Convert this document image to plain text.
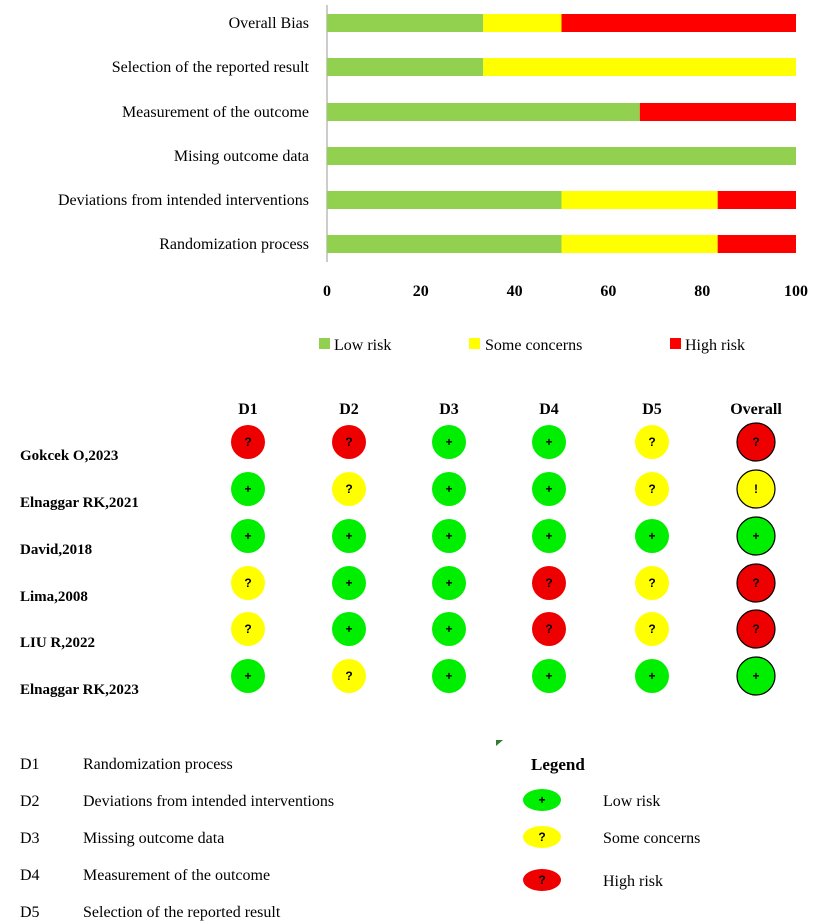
Overall Bias
Selection of the reported result
Measurement of the outcome
Mising outcome data
Deviations from intended interventions
Randomization process
0	20	40	60	80	100
Low risk	Some concerns	High risk
D1	D2	D3	D4	D5	Overall
Gokcek O,2023
?	?	+	+	?	?
Elnaggar RK,2021
+	?	+	+	?	!
David,2018
+	+	+	+	+	+
Lima,2008
?	+	+	?	?	?
LIU R,2022
?	+	+	?	?	?
Elnaggar RK,2023
+	?	+	+	+	+
D1	Randomization process
D2	Deviations from intended interventions
D3	Missing outcome data
D4	Measurement of the outcome
D5	Selection of the reported result
Legend
+	Low risk
?	Some concerns
?	High risk
